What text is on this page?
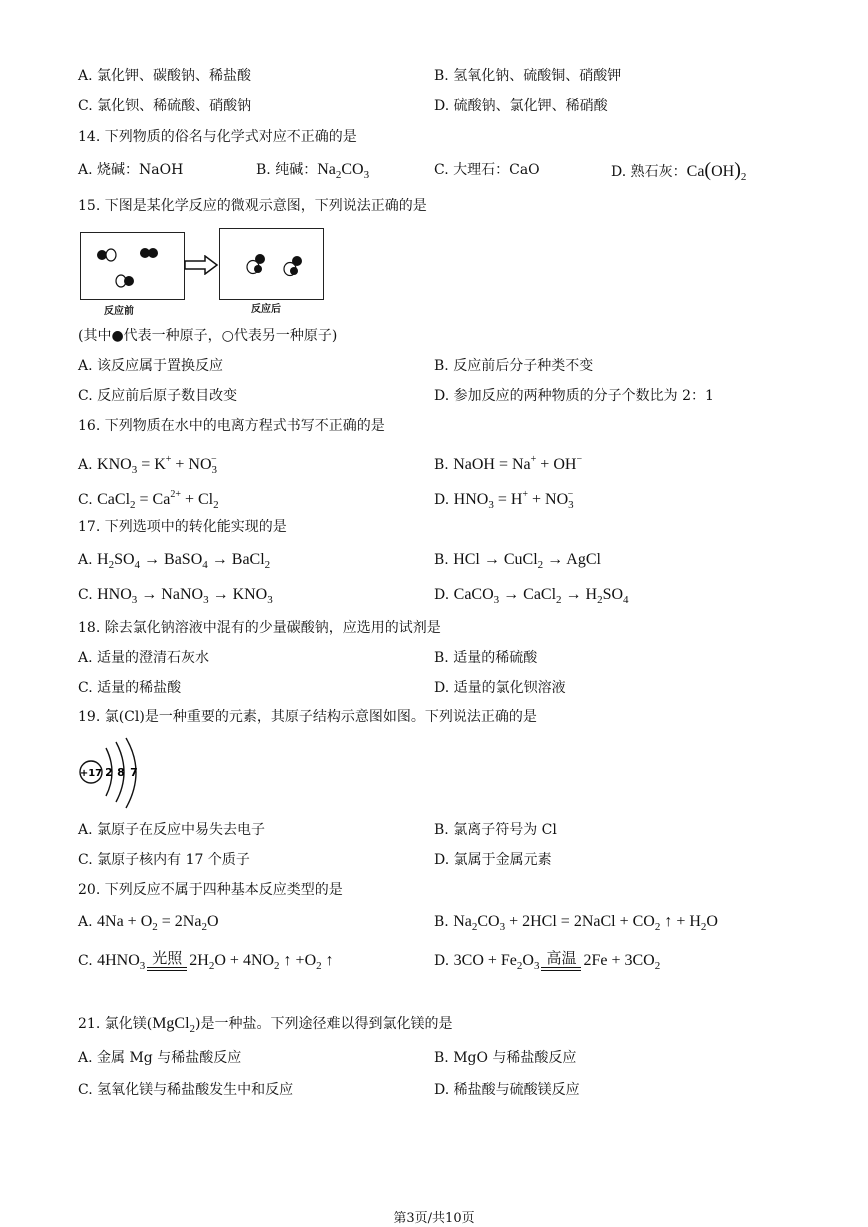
A. 氯化钾、碳酸钠、稀盐酸	B. 氢氧化钠、硫酸铜、硝酸钾
C. 氯化钡、稀硫酸、硝酸钠	D. 硫酸钠、氯化钾、稀硝酸
14. 下列物质的俗名与化学式对应不正确的是
A. 烧碱：NaOH	B. 纯碱：$Na_2CO_3$	C. 大理石：CaO	D. 熟石灰：$Ca(OH)_2$
15. 下图是某化学反应的微观示意图，下列说法正确的是
反应前	反应后
(其中●代表一种原子，○代表另一种原子)
A. 该反应属于置换反应	B. 反应前后分子种类不变
C. 反应前后原子数目改变	D. 参加反应的两种物质的分子个数比为 2：1
16. 下列物质在水中的电离方程式书写不正确的是
A. $KNO_3 = K^+ + NO_3^-$	B. NaOH = Na+ + OH−
C. CaCl$_2$ = $Ca^{2+} + Cl_2$	D. $HNO_3 = H^+ + NO_3^-$
17. 下列选项中的转化能实现的是
A. $H_2SO_4$ → BaSO$_4$ → BaCl$_2$	B. HCl → CuCl$_2$ → AgCl
C. $HNO_3$ → NaNO$_3$ → $KNO_3$	D. CaCO$_3$ → CaCl$_2$ → $H_2SO_4$
18. 除去氯化钠溶液中混有的少量碳酸钠，应选用的试剂是
A. 适量的澄清石灰水	B. 适量的稀硫酸
C. 适量的稀盐酸	D. 适量的氯化钡溶液
19. 氯(Cl)是一种重要的元素，其原子结构示意图如图。下列说法正确的是
+17 2 8 7
A. 氯原子在反应中易失去电子	B. 氯离子符号为 Cl
C. 氯原子核内有 17 个质子	D. 氯属于金属元素
20. 下列反应不属于四种基本反应类型的是
A. $4Na + O_2 = 2Na_2O$	B. $Na_2CO_3 + 2HCl$ = 2NaCl + $CO_2$ ↑ + $H_2O$
C. $4HNO_3$ 光照 $2H_2O + 4NO_2$ ↑ $+O_2$ ↑	D. $3CO + Fe_2O_3$ 高温 $2Fe + 3CO_2$
21. 氯化镁(MgCl$_2$)是一种盐。下列途径难以得到氯化镁的是
A. 金属 Mg 与稀盐酸反应	B. MgO 与稀盐酸反应
C. 氢氧化镁与稀盐酸发生中和反应	D. 稀盐酸与硫酸镁反应
第3页/共10页
